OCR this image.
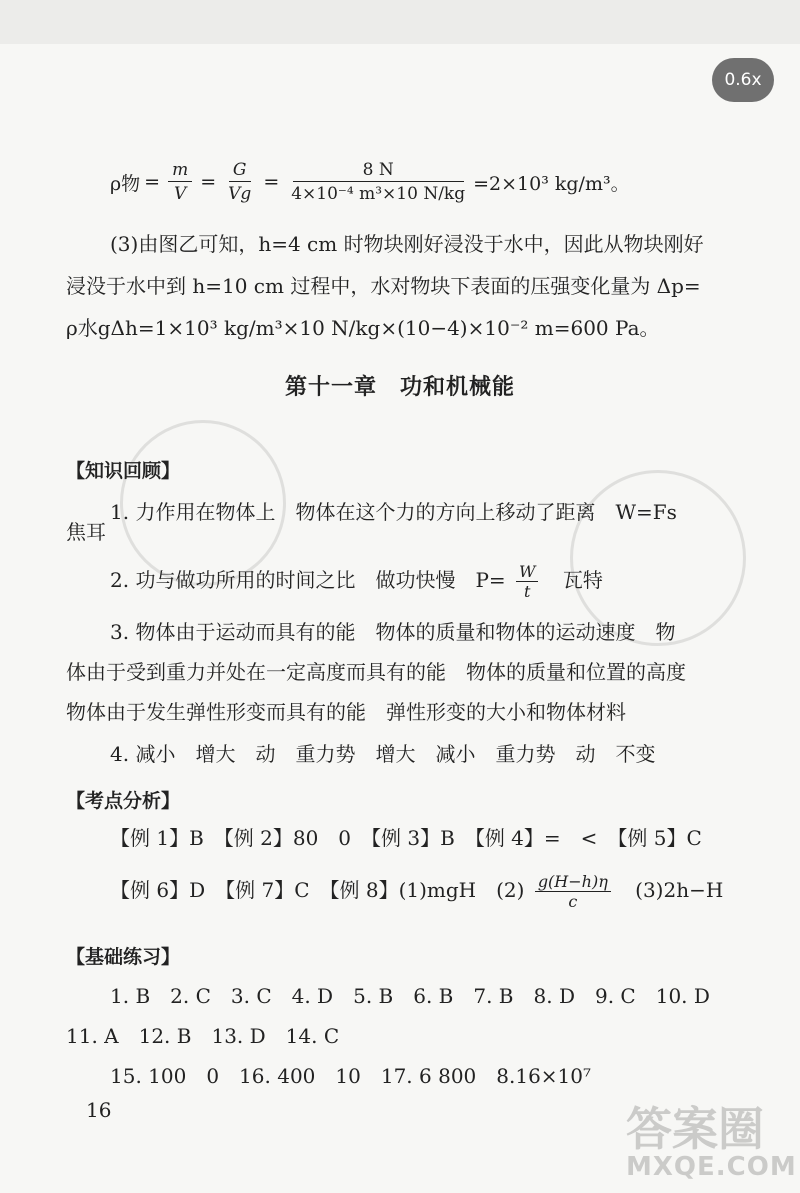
0.6x
ρ物 = $\frac{m}{V} = \frac{G}{Vg} = \frac{8 N}{\text{4×10⁻⁴ m³×10 N/kg}} =2\times 10^3$ kg/m³。
(3)由图乙可知，h=4 cm 时物块刚好浸没于水中，因此从物块刚好
浸没于水中到 h=10 cm 过程中，水对物块下表面的压强变化量为 Δp=
ρ水gΔh=1×10³ kg/m³×10 N/kg×(10−4)×10⁻² m=600 Pa。
第十一章　功和机械能
【知识回顾】
1. 力作用在物体上　物体在这个力的方向上移动了距离　W=Fs
焦耳
2. 功与做功所用的时间之比　做功快慢　$P= \frac{W}{t}$ 瓦特
3. 物体由于运动而具有的能　物体的质量和物体的运动速度　物
体由于受到重力并处在一定高度而具有的能　物体的质量和位置的高度
物体由于发生弹性形变而具有的能　弹性形变的大小和物体材料
4. 减小　增大　动　重力势　增大　减小　重力势　动　不变
【考点分析】
【例 1】B　【例 2】80　0　【例 3】B　【例 4】=　<　【例 5】C
【例 6】D　【例 7】C　【例 8】(1)mgH　$(2) \frac{g(H-h)\eta}{c} (3)2h-H$
【基础练习】
1. B　2. C　3. C　4. D　5. B　6. B　7. B　8. D　9. C　10. D
11. A　12. B　13. D　14. C
15. 100　0　16. 400　10　17. 6 800　8.16×10⁷
16	答案圈
MXQE.COM
